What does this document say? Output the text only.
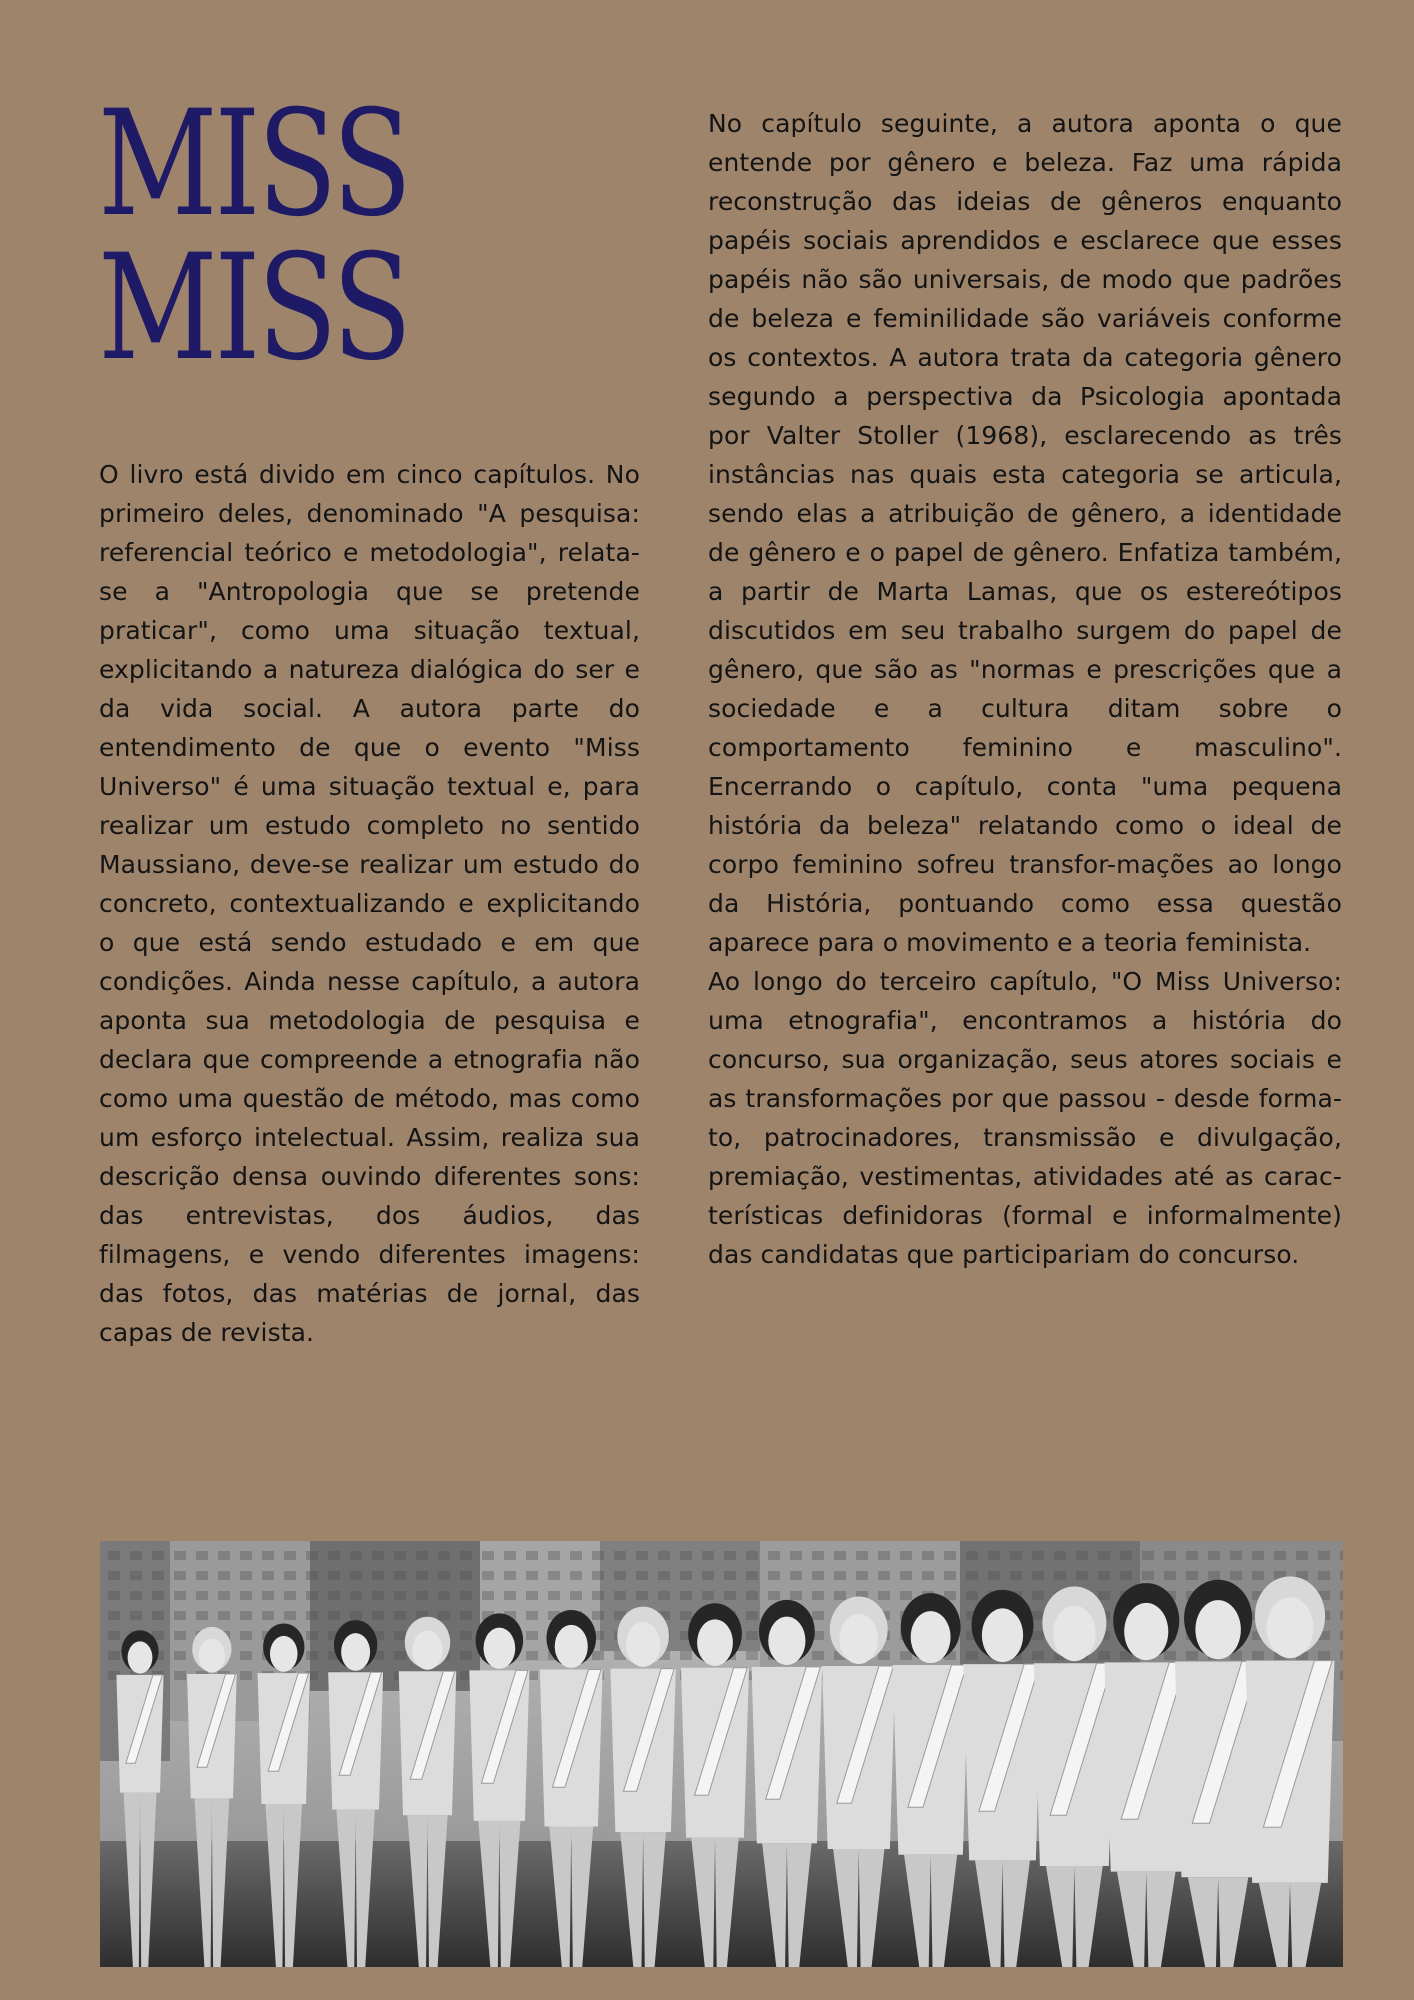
MISS
MISS

O livro está divido em cinco capítulos. No primeiro deles, denominado "A pesquisa: referencial teórico e metodologia", relata-se a "Antropologia que se pretende praticar", como uma situação textual, explicitando a natureza dialógica do ser e da vida social. A autora parte do entendimento de que o evento "Miss Universo" é uma situação textual e, para realizar um estudo completo no sentido Maussiano, deve-se realizar um estudo do concreto, contextualizando e explicitando o que está sendo estudado e em que condições. Ainda nesse capítulo, a autora aponta sua metodologia de pesquisa e declara que compreende a etnografia não como uma questão de método, mas como um esforço intelectual. Assim, realiza sua descrição densa ouvindo diferentes sons: das entrevistas, dos áudios, das filmagens, e vendo diferentes imagens: das fotos, das matérias de jornal, das capas de revista.

No capítulo seguinte, a autora aponta o que entende por gênero e beleza. Faz uma rápida reconstrução das ideias de gêneros enquanto papéis sociais aprendidos e esclarece que esses papéis não são universais, de modo que padrões de beleza e feminilidade são variáveis conforme os contextos. A autora trata da categoria gênero segundo a perspectiva da Psicologia apontada por Valter Stoller (1968), esclarecendo as três instâncias nas quais esta categoria se articula, sendo elas a atribuição de gênero, a identidade de gênero e o papel de gênero. Enfatiza também, a partir de Marta Lamas, que os estereótipos discutidos em seu trabalho surgem do papel de gênero, que são as "normas e prescrições que a sociedade e a cultura ditam sobre o comportamento feminino e masculino". Encerrando o capítulo, conta "uma pequena história da beleza" relatando como o ideal de corpo feminino sofreu transfor-mações ao longo da História, pontuando como essa questão aparece para o movimento e a teoria feminista.

Ao longo do terceiro capítulo, "O Miss Universo: uma etnografia", encontramos a história do concurso, sua organização, seus atores sociais e as transformações por que passou - desde forma-to, patrocinadores, transmissão e divulgação, premiação, vestimentas, atividades até as carac-terísticas definidoras (formal e informalmente) das candidatas que participariam do concurso.
